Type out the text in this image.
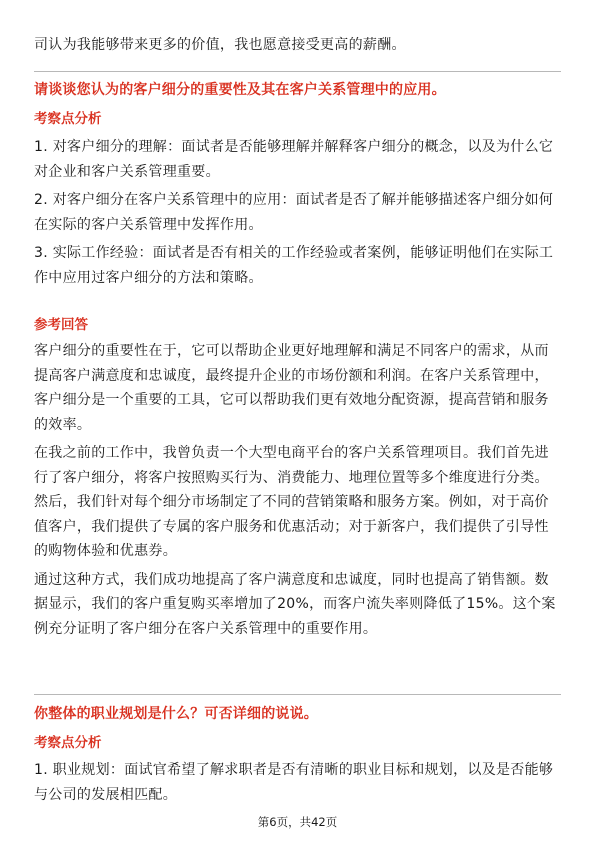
司认为我能够带来更多的价值，我也愿意接受更高的薪酬。

请谈谈您认为的客户细分的重要性及其在客户关系管理中的应用。
考察点分析

1. 对客户细分的理解：面试者是否能够理解并解释客户细分的概念，以及为什么它对企业和客户关系管理重要。

2. 对客户细分在客户关系管理中的应用：面试者是否了解并能够描述客户细分如何在实际的客户关系管理中发挥作用。

3. 实际工作经验：面试者是否有相关的工作经验或者案例，能够证明他们在实际工作中应用过客户细分的方法和策略。

参考回答

客户细分的重要性在于，它可以帮助企业更好地理解和满足不同客户的需求，从而提高客户满意度和忠诚度，最终提升企业的市场份额和利润。在客户关系管理中，客户细分是一个重要的工具，它可以帮助我们更有效地分配资源，提高营销和服务的效率。

在我之前的工作中，我曾负责一个大型电商平台的客户关系管理项目。我们首先进行了客户细分，将客户按照购买行为、消费能力、地理位置等多个维度进行分类。然后，我们针对每个细分市场制定了不同的营销策略和服务方案。例如，对于高价值客户，我们提供了专属的客户服务和优惠活动；对于新客户，我们提供了引导性的购物体验和优惠券。

通过这种方式，我们成功地提高了客户满意度和忠诚度，同时也提高了销售额。数据显示，我们的客户重复购买率增加了20%，而客户流失率则降低了15%。这个案例充分证明了客户细分在客户关系管理中的重要作用。

你整体的职业规划是什么？可否详细的说说。
考察点分析

1. 职业规划：面试官希望了解求职者是否有清晰的职业目标和规划，以及是否能够与公司的发展相匹配。

第6页，共42页
